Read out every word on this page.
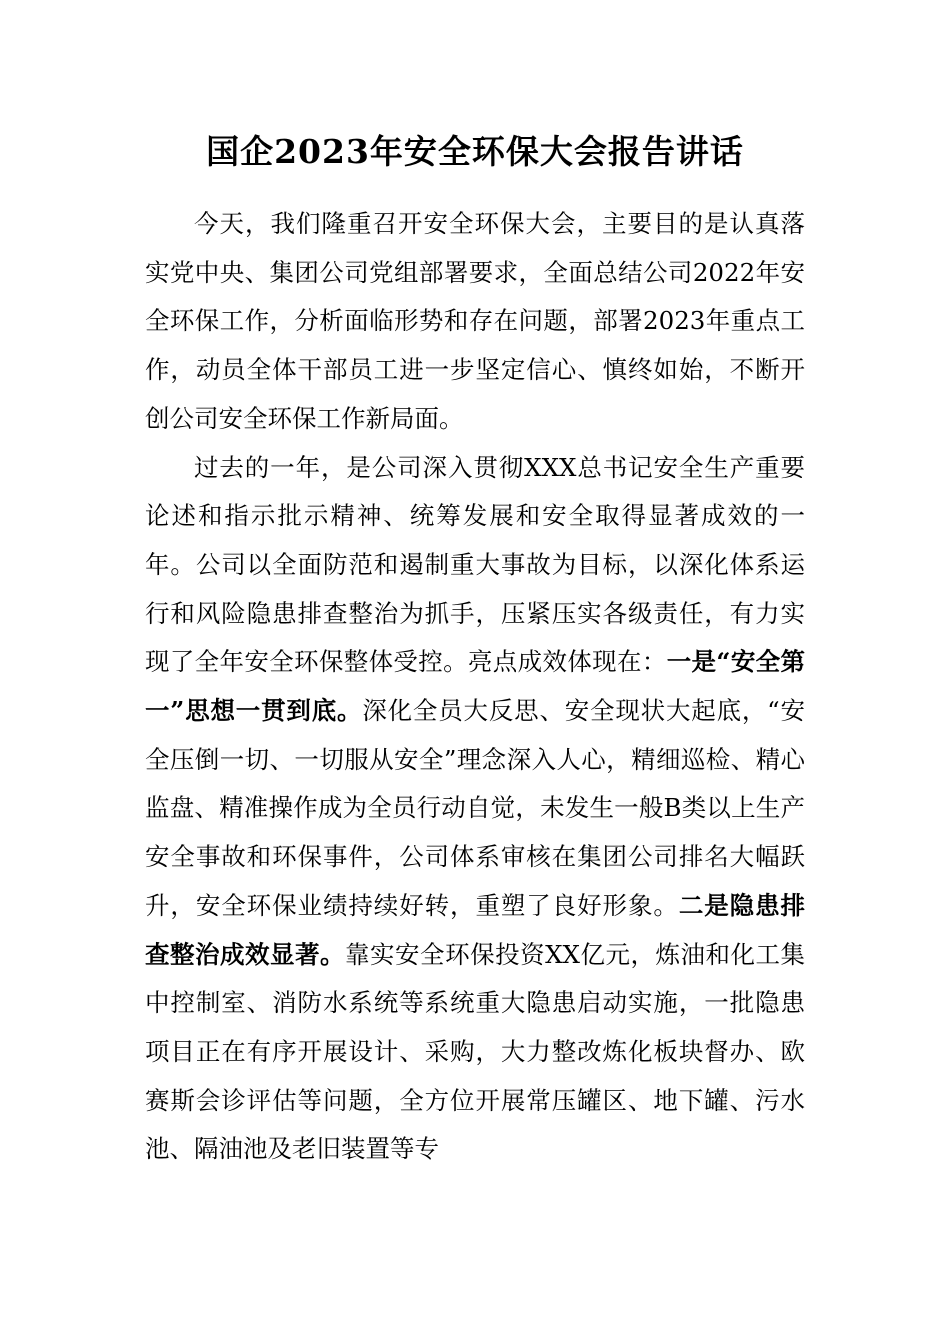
国企2023年安全环保大会报告讲话

今天，我们隆重召开安全环保大会，主要目的是认真落实党中央、集团公司党组部署要求，全面总结公司2022年安全环保工作，分析面临形势和存在问题，部署2023年重点工作，动员全体干部员工进一步坚定信心、慎终如始，不断开创公司安全环保工作新局面。

过去的一年，是公司深入贯彻XXX总书记安全生产重要论述和指示批示精神、统筹发展和安全取得显著成效的一年。公司以全面防范和遏制重大事故为目标，以深化体系运行和风险隐患排查整治为抓手，压紧压实各级责任，有力实现了全年安全环保整体受控。亮点成效体现在：一是“安全第一”思想一贯到底。深化全员大反思、安全现状大起底，“安全压倒一切、一切服从安全”理念深入人心，精细巡检、精心监盘、精准操作成为全员行动自觉，未发生一般B类以上生产安全事故和环保事件，公司体系审核在集团公司排名大幅跃升，安全环保业绩持续好转，重塑了良好形象。二是隐患排查整治成效显著。靠实安全环保投资XX亿元，炼油和化工集中控制室、消防水系统等系统重大隐患启动实施，一批隐患项目正在有序开展设计、采购，大力整改炼化板块督办、欧赛斯会诊评估等问题，全方位开展常压罐区、地下罐、污水池、隔油池及老旧装置等专
